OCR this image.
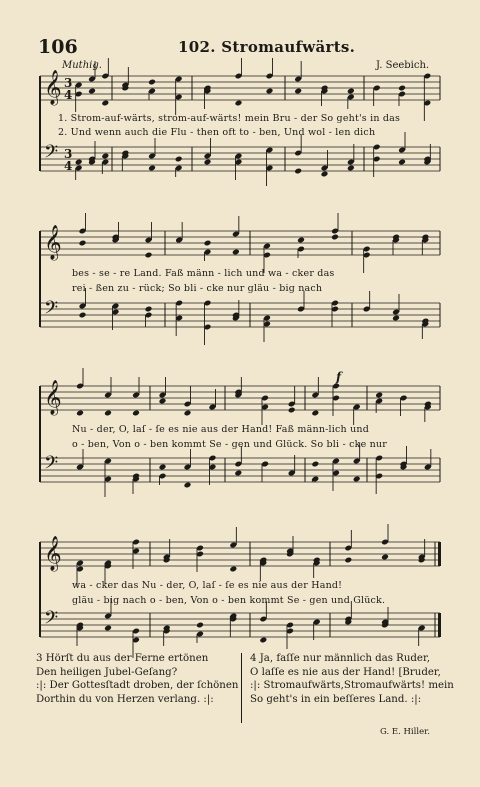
106	102. Stromaufwärts.
Muthig.	J. Seebich.
𝄞 3
4
𝄢 3
4
𝄞
𝄢
𝄞
𝄢
𝄞
𝄢
1. Strom-auf-wärts, strom-auf-wärts! mein Bru - der So geht's in das
2. Und wenn auch die Flu - then oft to - ben, Und wol - len dich
bes - se - re Land. Faß männ - lich und wa - cker das
rei - ßen zu - rück; So bli - cke nur gläu - big nach
Nu - der, O, laſ - ſe es nie aus der Hand! Faß männ-lich und
o - ben, Von o - ben kommt Se - gen und Glück. So bli - cke nur
wa - cker das Nu - der, O, laſ - ſe es nie aus der Hand!
gläu - big nach o - ben, Von o - ben kommt Se - gen und Glück.
f
3 Hörſt du aus der Ferne ertönen
Den heiligen Jubel-Geſang?
:|: Der Gottesſtadt droben, der ſchönen
Dorthin du von Herzen verlang. :|:
4 Ja, faſſe nur männlich das Ruder,
O laſſe es nie aus der Hand! [Bruder,
:|: Stromaufwärts,Stromaufwärts! mein
So geht's in ein beſſeres Land. :|:
G. E. Hiller.
